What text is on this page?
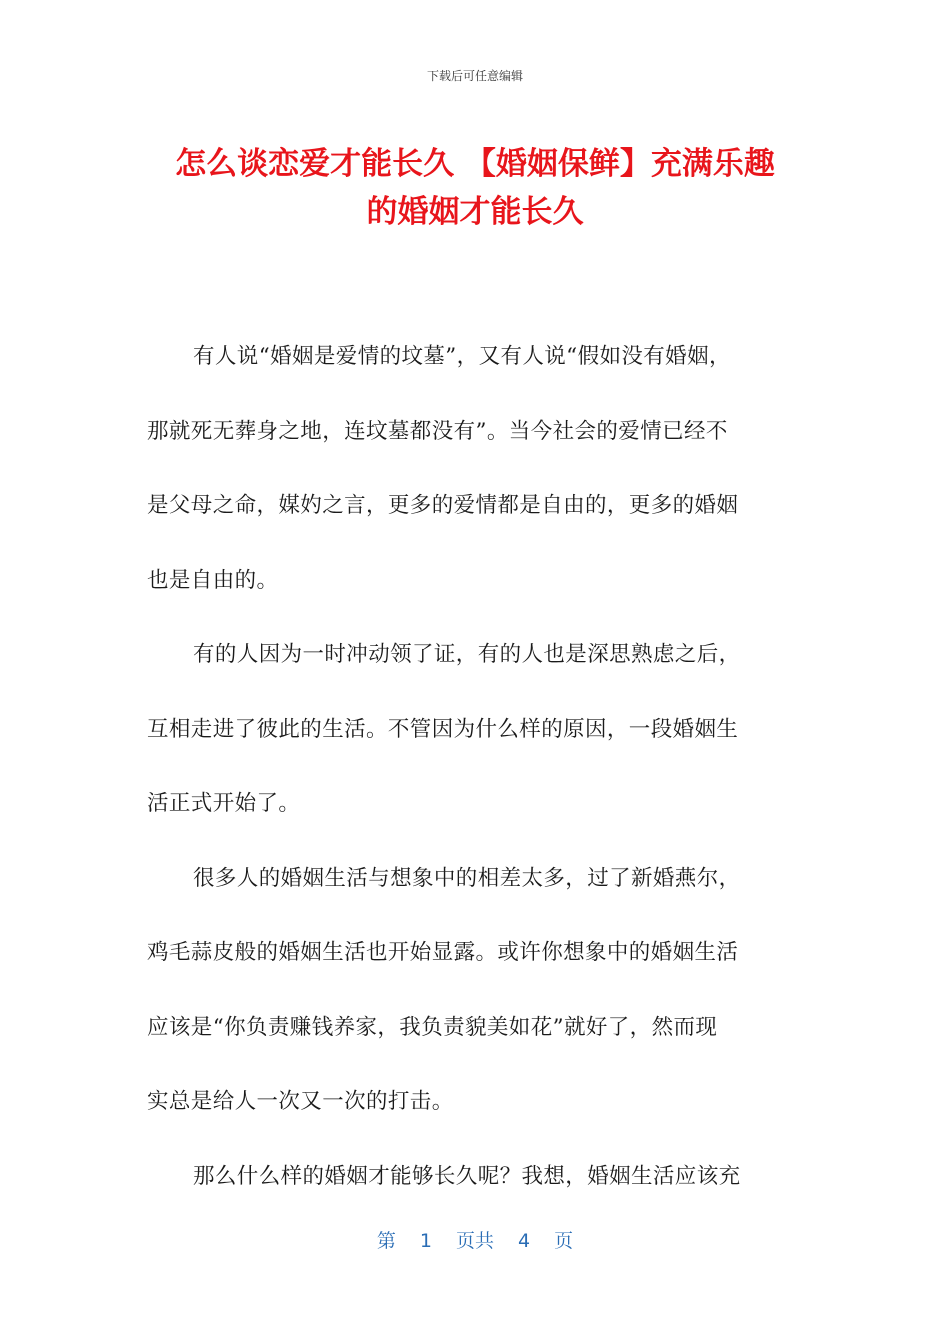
下载后可任意编辑
怎么谈恋爱才能长久 【婚姻保鲜】充满乐趣
的婚姻才能长久

有人说“婚姻是爱情的坟墓”，又有人说“假如没有婚姻，
那就死无葬身之地，连坟墓都没有”。当今社会的爱情已经不
是父母之命，媒妁之言，更多的爱情都是自由的，更多的婚姻
也是自由的。

有的人因为一时冲动领了证，有的人也是深思熟虑之后，
互相走进了彼此的生活。不管因为什么样的原因，一段婚姻生
活正式开始了。

很多人的婚姻生活与想象中的相差太多，过了新婚燕尔，
鸡毛蒜皮般的婚姻生活也开始显露。或许你想象中的婚姻生活
应该是“你负责赚钱养家，我负责貌美如花”就好了，然而现
实总是给人一次又一次的打击。

那么什么样的婚姻才能够长久呢？我想，婚姻生活应该充

第 1 页共 4 页
